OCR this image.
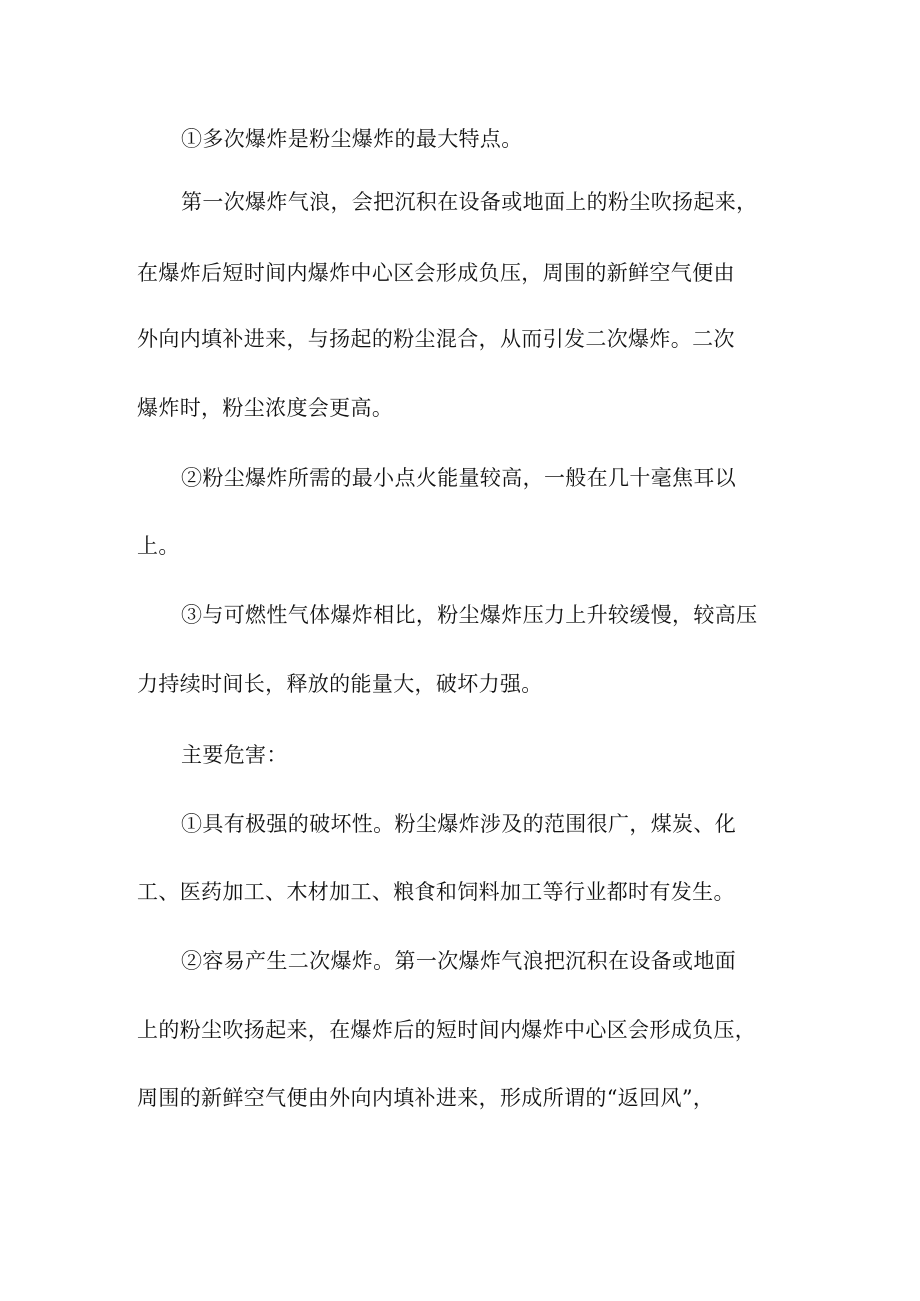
①多次爆炸是粉尘爆炸的最大特点。
第一次爆炸气浪，会把沉积在设备或地面上的粉尘吹扬起来，
在爆炸后短时间内爆炸中心区会形成负压，周围的新鲜空气便由
外向内填补进来，与扬起的粉尘混合，从而引发二次爆炸。二次
爆炸时，粉尘浓度会更高。
②粉尘爆炸所需的最小点火能量较高，一般在几十毫焦耳以
上。
③与可燃性气体爆炸相比，粉尘爆炸压力上升较缓慢，较高压
力持续时间长，释放的能量大，破坏力强。
主要危害：
①具有极强的破坏性。粉尘爆炸涉及的范围很广，煤炭、化
工、医药加工、木材加工、粮食和饲料加工等行业都时有发生。
②容易产生二次爆炸。第一次爆炸气浪把沉积在设备或地面
上的粉尘吹扬起来，在爆炸后的短时间内爆炸中心区会形成负压，
周围的新鲜空气便由外向内填补进来，形成所谓的“返回风”，
